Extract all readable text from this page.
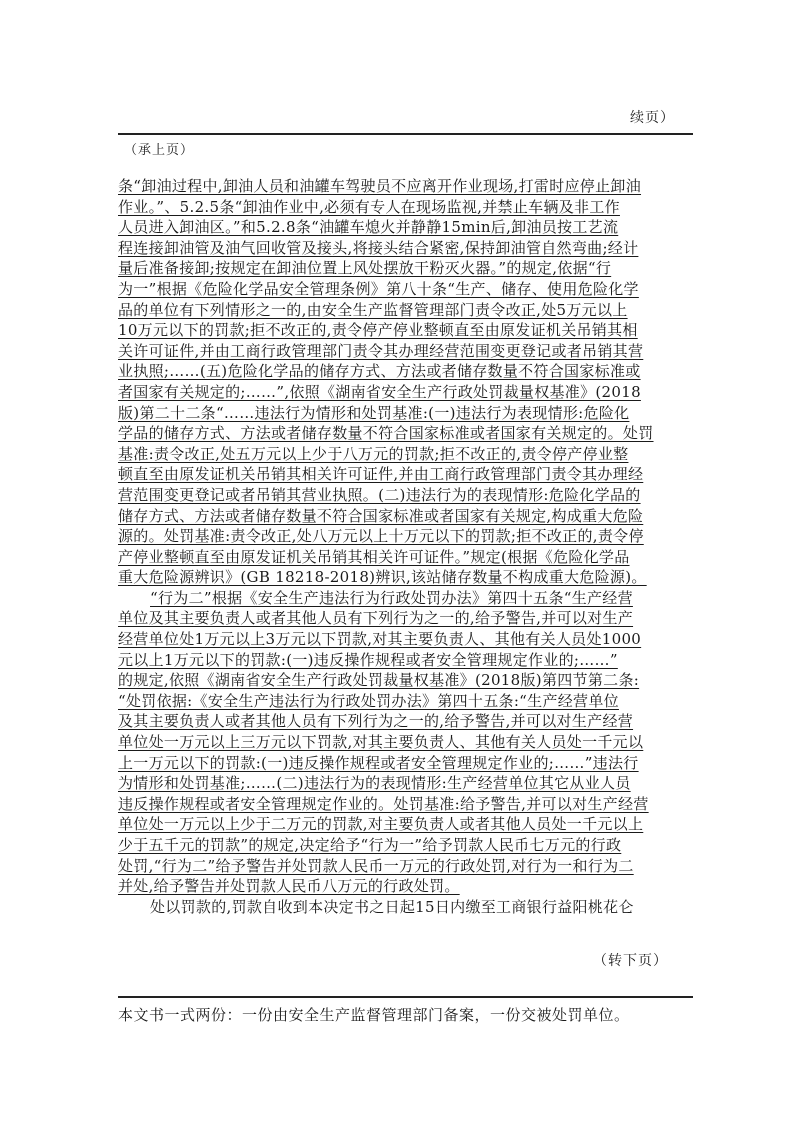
续页）
（承上页）
条“卸油过程中,卸油人员和油罐车驾驶员不应离开作业现场,打雷时应停止卸油
作业。”、5.2.5条“卸油作业中,必须有专人在现场监视,并禁止车辆及非工作
人员进入卸油区。”和5.2.8条“油罐车熄火并静静15min后,卸油员按工艺流
程连接卸油管及油气回收管及接头,将接头结合紧密,保持卸油管自然弯曲;经计
量后准备接卸;按规定在卸油位置上风处摆放干粉灭火器。”的规定,依据“行
为一”根据《危险化学品安全管理条例》第八十条“生产、储存、使用危险化学
品的单位有下列情形之一的,由安全生产监督管理部门责令改正,处5万元以上
10万元以下的罚款;拒不改正的,责令停产停业整顿直至由原发证机关吊销其相
关许可证件,并由工商行政管理部门责令其办理经营范围变更登记或者吊销其营
业执照;……(五)危险化学品的储存方式、方法或者储存数量不符合国家标准或
者国家有关规定的;……”,依照《湖南省安全生产行政处罚裁量权基准》(2018
版)第二十二条“……违法行为情形和处罚基准:(一)违法行为表现情形:危险化
学品的储存方式、方法或者储存数量不符合国家标准或者国家有关规定的。处罚
基准:责令改正,处五万元以上少于八万元的罚款;拒不改正的,责令停产停业整
顿直至由原发证机关吊销其相关许可证件,并由工商行政管理部门责令其办理经
营范围变更登记或者吊销其营业执照。(二)违法行为的表现情形:危险化学品的
储存方式、方法或者储存数量不符合国家标准或者国家有关规定,构成重大危险
源的。处罚基准:责令改正,处八万元以上十万元以下的罚款;拒不改正的,责令停
产停业整顿直至由原发证机关吊销其相关许可证件。”规定(根据《危险化学品
重大危险源辨识》(GB 18218-2018)辨识,该站储存数量不构成重大危险源)。
“行为二”根据《安全生产违法行为行政处罚办法》第四十五条“生产经营
单位及其主要负责人或者其他人员有下列行为之一的,给予警告,并可以对生产
经营单位处1万元以上3万元以下罚款,对其主要负责人、其他有关人员处1000
元以上1万元以下的罚款:(一)违反操作规程或者安全管理规定作业的;……”
的规定,依照《湖南省安全生产行政处罚裁量权基准》(2018版)第四节第二条:
“处罚依据:《安全生产违法行为行政处罚办法》第四十五条:“生产经营单位
及其主要负责人或者其他人员有下列行为之一的,给予警告,并可以对生产经营
单位处一万元以上三万元以下罚款,对其主要负责人、其他有关人员处一千元以
上一万元以下的罚款:(一)违反操作规程或者安全管理规定作业的;……”违法行
为情形和处罚基准;……(二)违法行为的表现情形:生产经营单位其它从业人员
违反操作规程或者安全管理规定作业的。处罚基准:给予警告,并可以对生产经营
单位处一万元以上少于二万元的罚款,对主要负责人或者其他人员处一千元以上
少于五千元的罚款”的规定,决定给予“行为一”给予罚款人民币七万元的行政
处罚,“行为二”给予警告并处罚款人民币一万元的行政处罚,对行为一和行为二
并处,给予警告并处罚款人民币八万元的行政处罚。
处以罚款的,罚款自收到本决定书之日起15日内缴至工商银行益阳桃花仑
（转下页）
本文书一式两份：一份由安全生产监督管理部门备案，一份交被处罚单位。
